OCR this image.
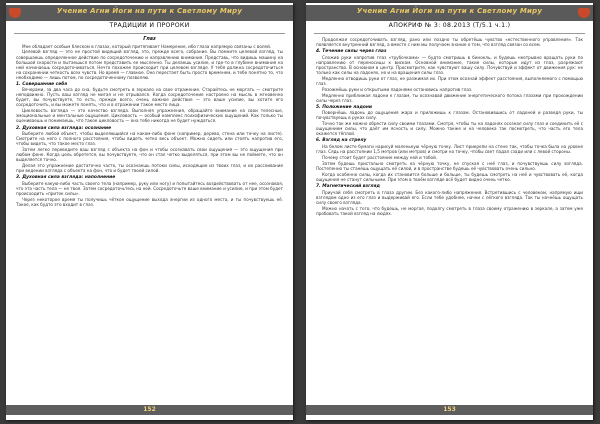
Учение Агни Йоги на пути к Светлому Миру
ТРАДИЦИИ И ПРОРОКИ
Глаз

Мне обладает особым блеском в глазах, который притягивает Намерение, ибо глаза напрямую связаны с волей.

Целевой взгляд — это не простой видящий взгляд, это, прежде всего, собрание. Вы помните целевой взгляд, ты совершаешь определенное действие по сосредоточению и направлению внимания. Представь, что видишь машину на большой скорости и пытаешься потом представить ее мысленно. Ты делаешь усилие, и где-то в глубине внимания на ней начинаешь сосредоточиваться. Нечто похожее происходит при целевом взгляде. У тебя должна сосредоточиться на сохранении четкость всех чувств. Но время — главное. Оно перестает быть просто временем, и тебе понятно то, что необходимо — лишь потом, по сосредоточенному позволяю.

1. Совершение себя

Вечерами, за два часа до сна, будьте смотреть в зеркало на свое отражение. Старайтесь не моргать — смотрите неподвижно. Пусть ваш взгляд не мигая и не отрывался. Когда сосредоточение настроено на мысль в мгновенно будет, вы почувствуете, то есть, прежде всего, очень важное действие — это ваше усилие, вы хотите его сосредоточить, и вы можете понять, что и в отражении такое место лица.

Цикловость взгляда — это качество взгляда. Выполняя упражнения, обращайте внимание на свои телесные, эмоциональные и ментальные ощущения. Цикловость — особый комплекс психофизических ощущений. Как только ты оцениваешь и понимаешь, что такое цикловость — она тебе никогда не будет нуждаться.

2. Духовная сила взгляда: осознание

Выберите любой объект, чтобы выделяющийся на каком-либо фоне (например, дерево, стена или точку на листе). Смотрите на него с полного расстояния, чтобы видеть четко весь объект. Можно сидеть или стоять напротив его, чтобы видеть, что такое место глаз.

Затем легко переведите ваш взгляд с объекта на фон и чтобы осознавать свои ощущения — это ощущения при любом фоне. Когда цель обретется, вы почувствуете, что он стал четко выделяться, при этом вы не поймете, что он выделяется точно.

Делая это упражнение достаточно часто, ты осознаешь потоки силы, исходящие из твоих глаз, и их рассеивание при ведении взгляда с объекта на фон, что и будет твоей силой.

3. Духовная сила взгляда: наполнение

Выберите какую-либо часть своего тела (например, руку или ногу) и попытайтесь воздействовать от нее, осознавая, что эта часть тела — не твоя. Затем сосредоточьтесь на ней. Сосредоточьте ваше внимание и усилие, и при этом будет происходить «приток силы».

Через некоторое время ты получишь чёткое ощущение выхода энергии из одного места, и ты почувствуешь её. Такое, как будто это входит в глаз.

152
Учение Агни Йоги на пути к Светлому Миру
АПОКРИФ № 3: 08.2013 (Т/5.1 ч.1.)

Продолжая сосредоточивать взгляд, рано или поздно ты обретёшь чувство «естественного управления». Так появляется внутренний взгляд, а вместе с ним мы получаем знание о том, что взгляд связан со всем.

4. Течение силы через глаз

Сложив руки напротив глаз «трубочками» — будто смотришь в бинокль, и будешь неотрывно вращать руки по направлению от переносицы к вискам. Основной внимание, такие силы, которые идут из глаз, разряжают пространство. В основном в центр. Просмотрите, как чувствуют вашу силу. Почувствуй и эффект от движения рук: не только как силы на ладонях, но и на вращения силы глаз.

Медленно отводишь руки от глаз, не разжимая их. При этом осознай эффект расстояния, выполняемого с помощью глаз.

Разожмёшь руки и открытыми ладонями остановись напротив глаз.

Медленно приближая ладони к глазам, ты осознавай движение энергетического потока глазами при прохождении силы через глаз.

5. Положение ладони

Повернёшь ладонь до ощущения жара и приложишь к глазам. Остановившись от ладоней и разведя руки, ты почувствуешь в руках силу.

Точно так же можно обрести силу своими глазами. Смотря, чтобы ты на ладонях осознал силу глаз и соединить её с ощущением силы, что даёт им ясность и силу. Можно также и на человека так посмотреть, что часть его тела окажется тёплой.

6. Взгляд на стрелу

На белом листе бумаги нарисуй маленькую чёрную точку. Лист прикрепи на стене так, чтобы точка была на уровне глаз. Сядь на расстоянии 1,5 метров (или метров) и смотри на точку, чтобы свет падал сзади или с левой стороны.

Почему стоит будет расстояние между ней и тобой.

Затем будешь пристально смотреть на чёрную точку, не спуская с неё глаз, и почувствуешь силу взгляда. Постепенно ты станешь ощущать её силой, и в пространстве будешь её чувствовать очень сильно.

Когда особенно силы, когда их становится больше и больше, ты будешь смотреть на неё и чувствовать её, когда ощущения не станут сильными. При этом в твоём взгляде всё будет видно очень четко.

7. Магнетический взгляд

Приучай себя смотреть в глаза другим. Без какого-либо напряжения. Встретившись с человеком, напрямую ищи взглядом одно из его глаз и выдерживай его. Если тебе удобнее, начни с лёгкого взгляда. Так ты начнёшь ощущать силу своего взгляда.

Можно начать с того, что будешь, не моргая, подолгу смотреть в глаза своему отражению в зеркале, а затем уже пробовать такой взгляд на людях.

153
